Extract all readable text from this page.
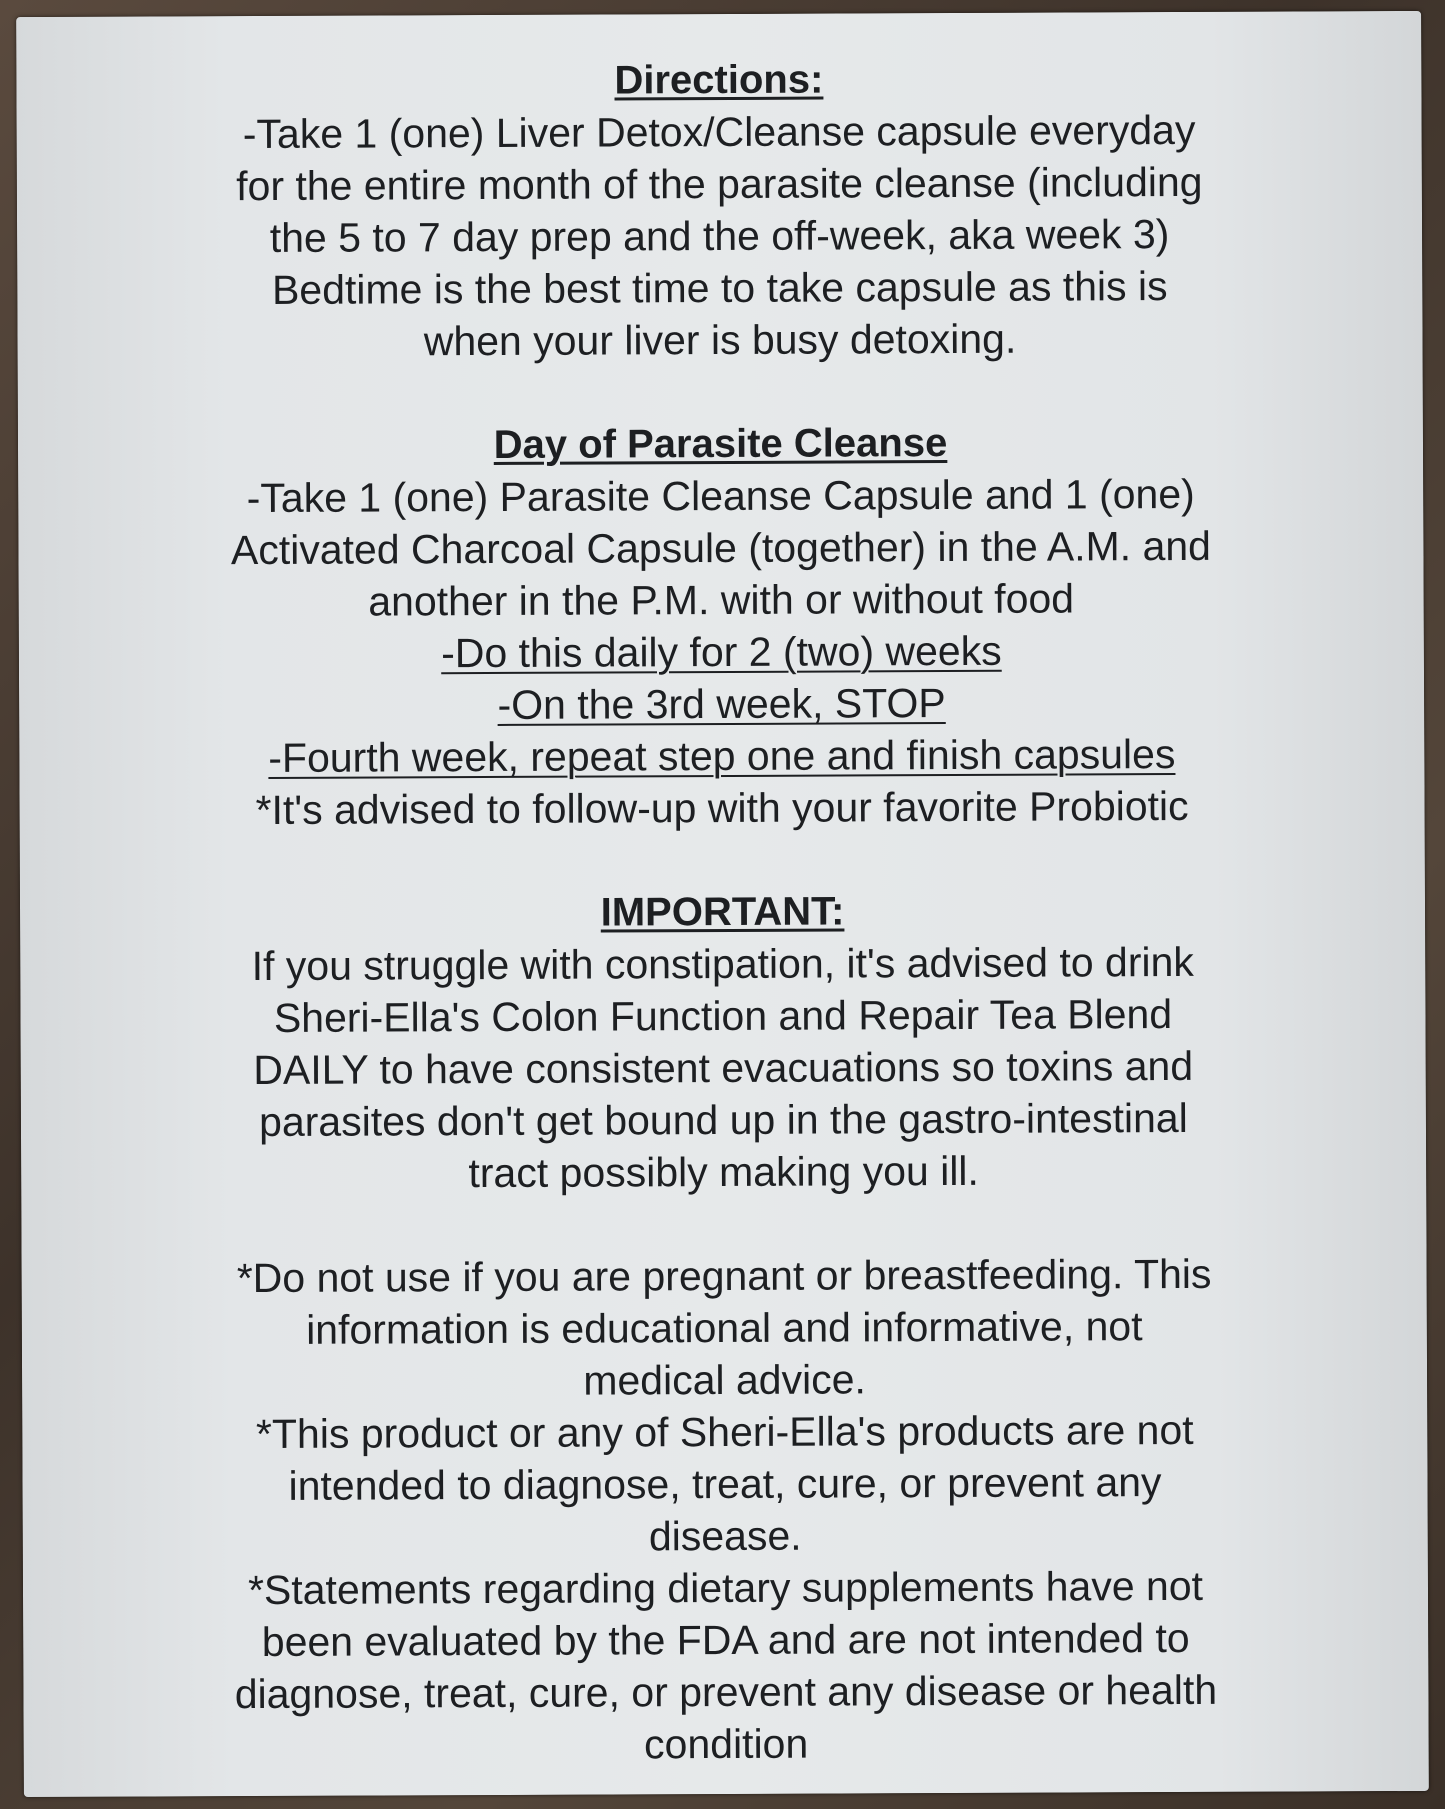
Directions:

-Take 1 (one) Liver Detox/Cleanse capsule everyday

for the entire month of the parasite cleanse (including

the 5 to 7 day prep and the off-week, aka week 3)

Bedtime is the best time to take capsule as this is

when your liver is busy detoxing.

Day of Parasite Cleanse

-Take 1 (one) Parasite Cleanse Capsule and 1 (one)

Activated Charcoal Capsule (together) in the A.M. and

another in the P.M. with or without food

-Do this daily for 2 (two) weeks

-On the 3rd week, STOP

-Fourth week, repeat step one and finish capsules

*It's advised to follow-up with your favorite Probiotic

IMPORTANT:

If you struggle with constipation, it's advised to drink

Sheri-Ella's Colon Function and Repair Tea Blend

DAILY to have consistent evacuations so toxins and

parasites don't get bound up in the gastro-intestinal

tract possibly making you ill.

*Do not use if you are pregnant or breastfeeding. This

information is educational and informative, not

medical advice.

*This product or any of Sheri-Ella's products are not

intended to diagnose, treat, cure, or prevent any

disease.

*Statements regarding dietary supplements have not

been evaluated by the FDA and are not intended to

diagnose, treat, cure, or prevent any disease or health

condition
